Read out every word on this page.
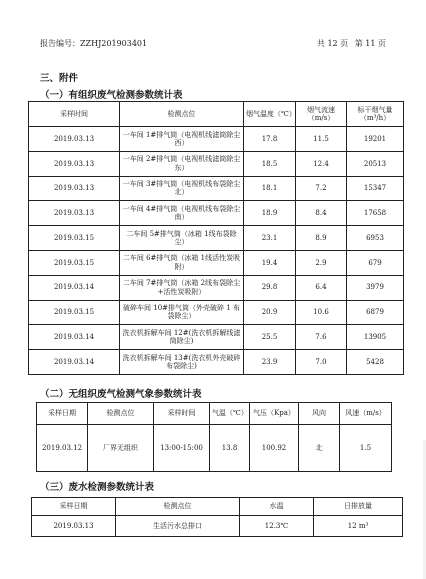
报告编号：ZZHJ201903401	共 12 页 第 11 页
三、附件
（一）有组织废气检测参数统计表
采样时间	检测点位	烟气温度（℃）	烟气流速（m/s）	标干烟气量（m³/h）
2019.03.13	一车间 1#排气筒（电视机线滤筒除尘西）	17.8	11.5	19201
2019.03.13	一车间 2#排气筒（电视机线滤筒除尘东）	18.5	12.4	20513
2019.03.13	一车间 3#排气筒（电视机线布袋除尘北）	18.1	7.2	15347
2019.03.13	一车间 4#排气筒（电视机线布袋除尘南）	18.9	8.4	17658
2019.03.15	二车间 5#排气筒（冰箱 1线布袋除尘）	23.1	8.9	6953
2019.03.15	二车间 6#排气筒（冰箱 1线活性炭吸附）	19.4	2.9	679
2019.03.14	二车间 7#排气筒（冰箱 2线布袋除尘+活性炭吸附）	29.8	6.4	3979
2019.03.15	破碎车间 10#排气筒（外壳破碎 1 布袋除尘）	20.9	10.6	6879
2019.03.14	洗衣机拆解车间 12#(洗衣机拆解线滤筒除尘)	25.5	7.6	13905
2019.03.14	洗衣机拆解车间 13#(洗衣机外壳破碎布袋除尘)	23.9	7.0	5428
（二）无组织废气检测气象参数统计表
采样日期	检测点位	采样时间	气温（℃）	气压（Kpa）	风向	风速（m/s）
2019.03.12	厂界无组织	13:00-15:00	13.8	100.92	北	1.5
（三）废水检测参数统计表
采样日期	检测点位	水温	日排放量
2019.03.13	生活污水总排口	12.3℃	12 m³
